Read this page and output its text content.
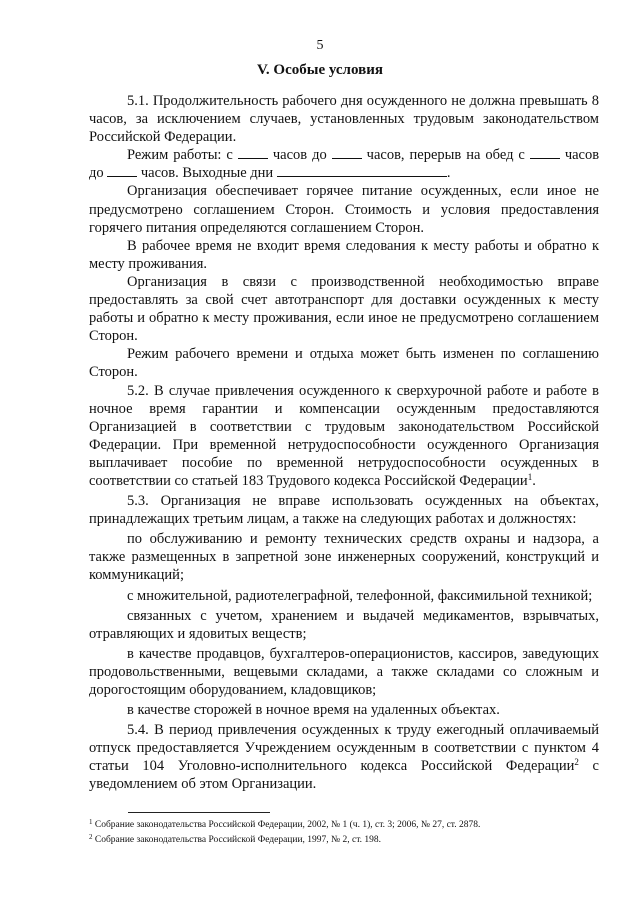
5
V. Особые условия

5.1. Продолжительность рабочего дня осужденного не должна превышать 8 часов, за исключением случаев, установленных трудовым законодательством Российской Федерации.

Режим работы: с	часов до	часов, перерыв на обед с	часов до	часов. Выходные дни	.

Организация обеспечивает горячее питание осужденных, если иное не предусмотрено соглашением Сторон. Стоимость и условия предоставления горячего питания определяются соглашением Сторон.

В рабочее время не входит время следования к месту работы и обратно к месту проживания.

Организация в связи с производственной необходимостью вправе предоставлять за свой счет автотранспорт для доставки осужденных к месту работы и обратно к месту проживания, если иное не предусмотрено соглашением Сторон.

Режим рабочего времени и отдыха может быть изменен по соглашению Сторон.

5.2. В случае привлечения осужденного к сверхурочной работе и работе в ночное время гарантии и компенсации осужденным предоставляются Организацией в соответствии с трудовым законодательством Российской Федерации. При временной нетрудоспособности осужденного Организация выплачивает пособие по временной нетрудоспособности осужденных в соответствии со статьей 183 Трудового кодекса Российской Федерации$^1$.

5.3. Организация не вправе использовать осужденных на объектах, принадлежащих третьим лицам, а также на следующих работах и должностях:

по обслуживанию и ремонту технических средств охраны и надзора, а также размещенных в запретной зоне инженерных сооружений, конструкций и коммуникаций;

с множительной, радиотелеграфной, телефонной, факсимильной техникой;

связанных с учетом, хранением и выдачей медикаментов, взрывчатых, отравляющих и ядовитых веществ;

в качестве продавцов, бухгалтеров-операционистов, кассиров, заведующих продовольственными, вещевыми складами, а также складами со сложным и дорогостоящим оборудованием, кладовщиков;

в качестве сторожей в ночное время на удаленных объектах.

5.4. В период привлечения осужденных к труду ежегодный оплачиваемый отпуск предоставляется Учреждением осужденным в соответствии с пунктом 4 статьи 104 Уголовно-исполнительного кодекса Российской Федерации$^2$ с уведомлением об этом Организации.

$^1$ Собрание законодательства Российской Федерации, 2002, № 1 (ч. 1), ст. 3; 2006, № 27, ст. 2878.
$^2$ Собрание законодательства Российской Федерации, 1997, № 2, ст. 198.
